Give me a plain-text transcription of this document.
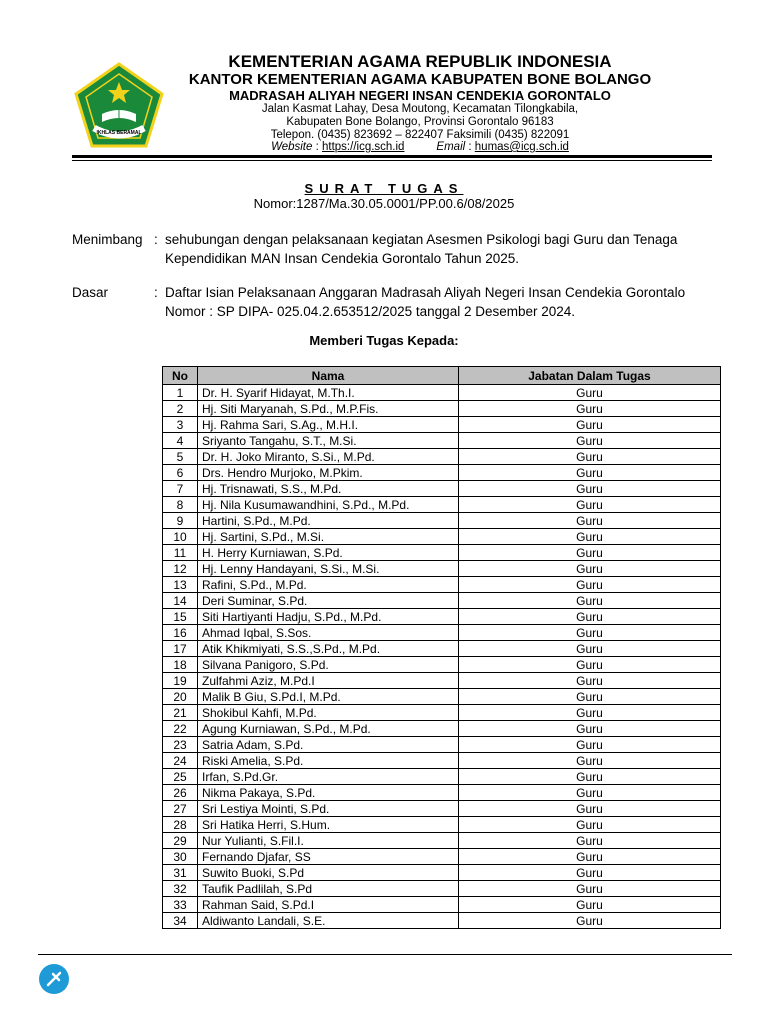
IKHLAS BERAMAL
KEMENTERIAN AGAMA REPUBLIK INDONESIA
KANTOR KEMENTERIAN AGAMA KABUPATEN BONE BOLANGO
MADRASAH ALIYAH NEGERI INSAN CENDEKIA GORONTALO
Jalan Kasmat Lahay, Desa Moutong, Kecamatan Tilongkabila,
Kabupaten Bone Bolango, Provinsi Gorontalo 96183
Telepon. (0435) 823692 – 822407 Faksimili (0435) 822091
Website : https://icg.sch.id	Email : humas@icg.sch.id
SURAT TUGAS
Nomor:1287/Ma.30.05.0001/PP.00.6/08/2025
Menimbang : sehubungan dengan pelaksanaan kegiatan Asesmen Psikologi bagi Guru dan Tenaga
Kependidikan MAN Insan Cendekia Gorontalo Tahun 2025.
Dasar	: Daftar Isian Pelaksanaan Anggaran Madrasah Aliyah Negeri Insan Cendekia Gorontalo
Nomor : SP DIPA- 025.04.2.653512/2025 tanggal 2 Desember 2024.
Memberi Tugas Kepada:
No	Nama	Jabatan Dalam Tugas
1	Dr. H. Syarif Hidayat, M.Th.I.	Guru
2	Hj. Siti Maryanah, S.Pd., M.P.Fis.	Guru
3	Hj. Rahma Sari, S.Ag., M.H.I.	Guru
4	Sriyanto Tangahu, S.T., M.Si.	Guru
5	Dr. H. Joko Miranto, S.Si., M.Pd.	Guru
6	Drs. Hendro Murjoko, M.Pkim.	Guru
7	Hj. Trisnawati, S.S., M.Pd.	Guru
8	Hj. Nila Kusumawandhini, S.Pd., M.Pd.	Guru
9	Hartini, S.Pd., M.Pd.	Guru
10	Hj. Sartini, S.Pd., M.Si.	Guru
11	H. Herry Kurniawan, S.Pd.	Guru
12	Hj. Lenny Handayani, S.Si., M.Si.	Guru
13	Rafini, S.Pd., M.Pd.	Guru
14	Deri Suminar, S.Pd.	Guru
15	Siti Hartiyanti Hadju, S.Pd., M.Pd.	Guru
16	Ahmad Iqbal, S.Sos.	Guru
17	Atik Khikmiyati, S.S.,S.Pd., M.Pd.	Guru
18	Silvana Panigoro, S.Pd.	Guru
19	Zulfahmi Aziz, M.Pd.I	Guru
20	Malik B Giu, S.Pd.I, M.Pd.	Guru
21	Shokibul Kahfi, M.Pd.	Guru
22	Agung Kurniawan, S.Pd., M.Pd.	Guru
23	Satria Adam, S.Pd.	Guru
24	Riski Amelia, S.Pd.	Guru
25	Irfan, S.Pd.Gr.	Guru
26	Nikma Pakaya, S.Pd.	Guru
27	Sri Lestiya Mointi, S.Pd.	Guru
28	Sri Hatika Herri, S.Hum.	Guru
29	Nur Yulianti, S.Fil.I.	Guru
30	Fernando Djafar, SS	Guru
31	Suwito Buoki, S.Pd	Guru
32	Taufik Padlilah, S.Pd	Guru
33	Rahman Said, S.Pd.I	Guru
34	Aldiwanto Landali, S.E.	Guru
